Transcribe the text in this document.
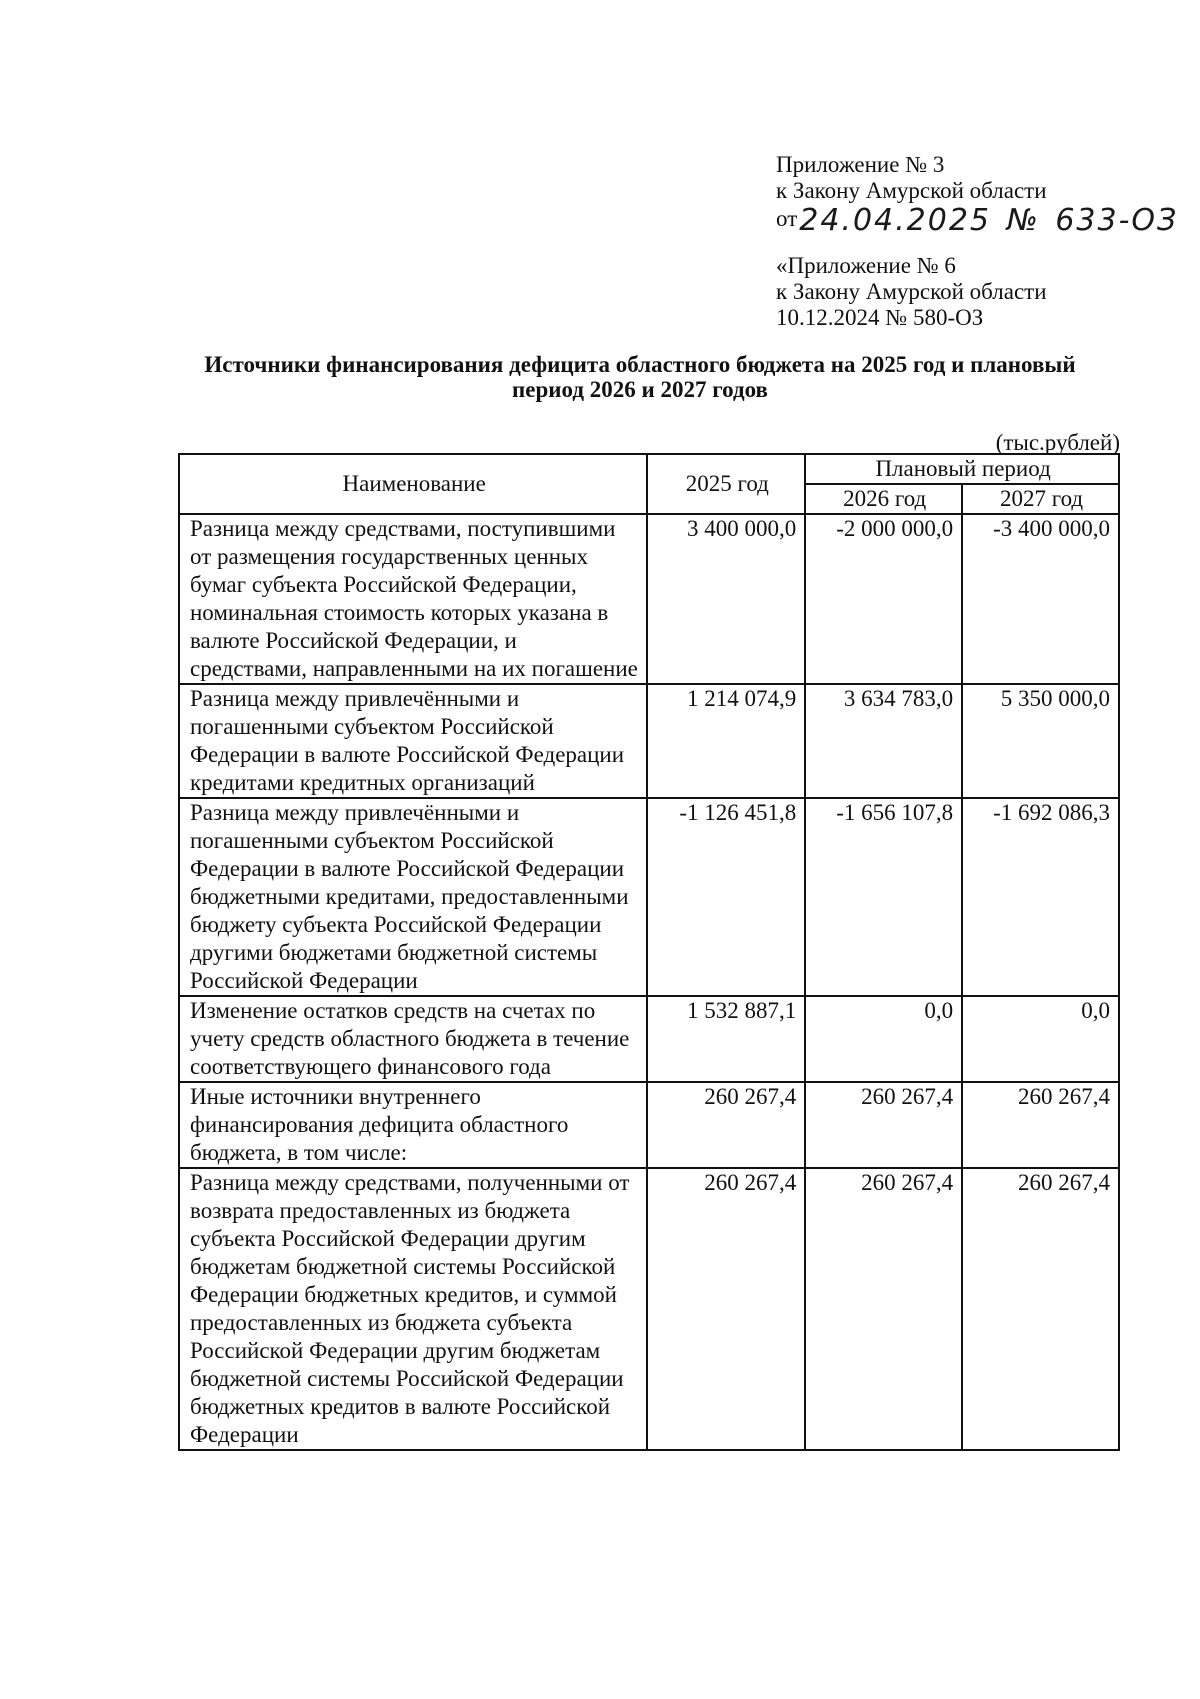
Приложение № 3
к Закону Амурской области
от24.04.2025 № 633-ОЗ
«Приложение № 6
к Закону Амурской области
10.12.2024 № 580-ОЗ
Источники финансирования дефицита областного бюджета на 2025 год и плановый
период 2026 и 2027 годов
(тыс.рублей)
Наименование	2025 год	Плановый период	
		2026 год	2027 год
Разница между средствами, поступившими от размещения государственных ценных бумаг субъекта Российской Федерации, номинальная стоимость которых указана в валюте Российской Федерации, и средствами, направленными на их погашение	3 400 000,0	-2 000 000,0	-3 400 000,0
Разница между привлечёнными и погашенными субъектом Российской Федерации в валюте Российской Федерации кредитами кредитных организаций	1 214 074,9	3 634 783,0	5 350 000,0
Разница между привлечёнными и погашенными субъектом Российской Федерации в валюте Российской Федерации бюджетными кредитами, предоставленными бюджету субъекта Российской Федерации другими бюджетами бюджетной системы Российской Федерации	-1 126 451,8	-1 656 107,8	-1 692 086,3
Изменение остатков средств на счетах по учету средств областного бюджета в течение соответствующего финансового года	1 532 887,1	0,0	0,0
Иные источники внутреннего финансирования дефицита областного бюджета, в том числе:	260 267,4	260 267,4	260 267,4
Разница между средствами, полученными от возврата предоставленных из бюджета субъекта Российской Федерации другим бюджетам бюджетной системы Российской Федерации бюджетных кредитов, и суммой предоставленных из бюджета субъекта Российской Федерации другим бюджетам бюджетной системы Российской Федерации бюджетных кредитов в валюте Российской Федерации	260 267,4	260 267,4	260 267,4
